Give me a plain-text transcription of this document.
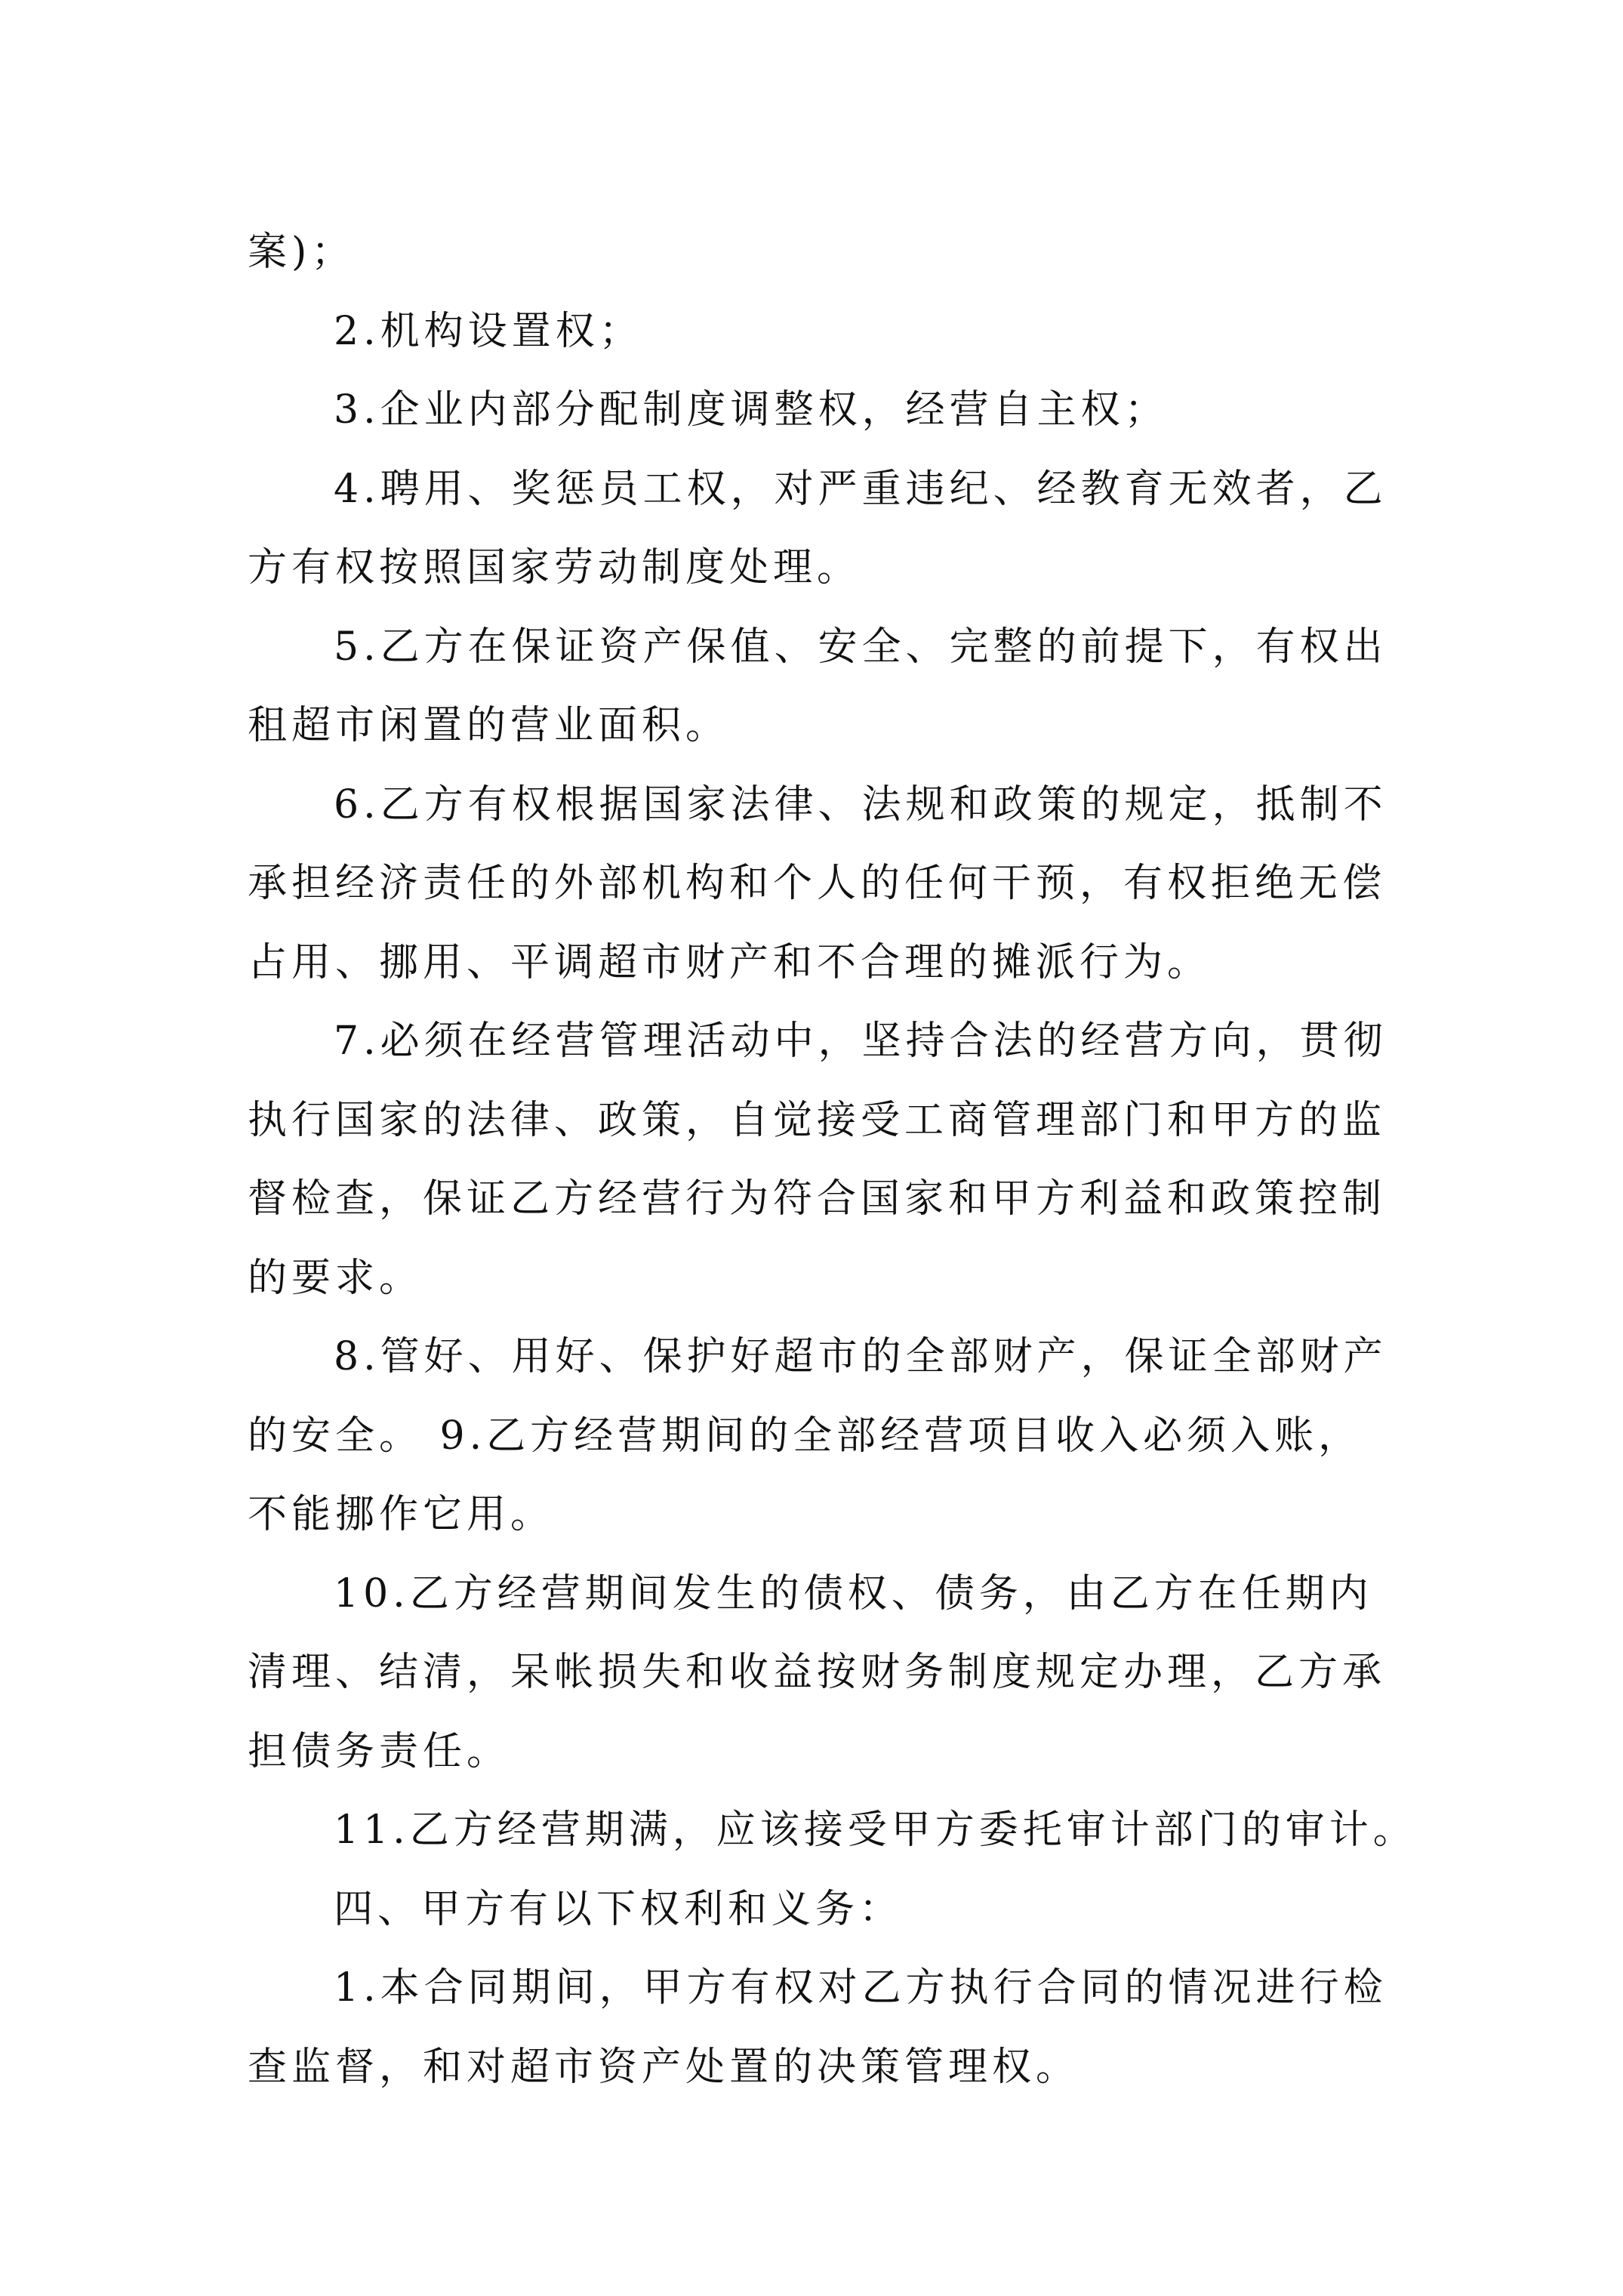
案)；
2.机构设置权；
3.企业内部分配制度调整权，经营自主权；
4.聘用、奖惩员工权，对严重违纪、经教育无效者，乙
方有权按照国家劳动制度处理。
5.乙方在保证资产保值、安全、完整的前提下，有权出
租超市闲置的营业面积。
6.乙方有权根据国家法律、法规和政策的规定，抵制不
承担经济责任的外部机构和个人的任何干预，有权拒绝无偿
占用、挪用、平调超市财产和不合理的摊派行为。
7.必须在经营管理活动中，坚持合法的经营方向，贯彻
执行国家的法律、政策，自觉接受工商管理部门和甲方的监
督检查，保证乙方经营行为符合国家和甲方利益和政策控制
的要求。
8.管好、用好、保护好超市的全部财产，保证全部财产
的安全。 9.乙方经营期间的全部经营项目收入必须入账，
不能挪作它用。
10.乙方经营期间发生的债权、债务，由乙方在任期内
清理、结清，呆帐损失和收益按财务制度规定办理，乙方承
担债务责任。
11.乙方经营期满，应该接受甲方委托审计部门的审计。
四、甲方有以下权利和义务：
1.本合同期间，甲方有权对乙方执行合同的情况进行检
查监督，和对超市资产处置的决策管理权。
